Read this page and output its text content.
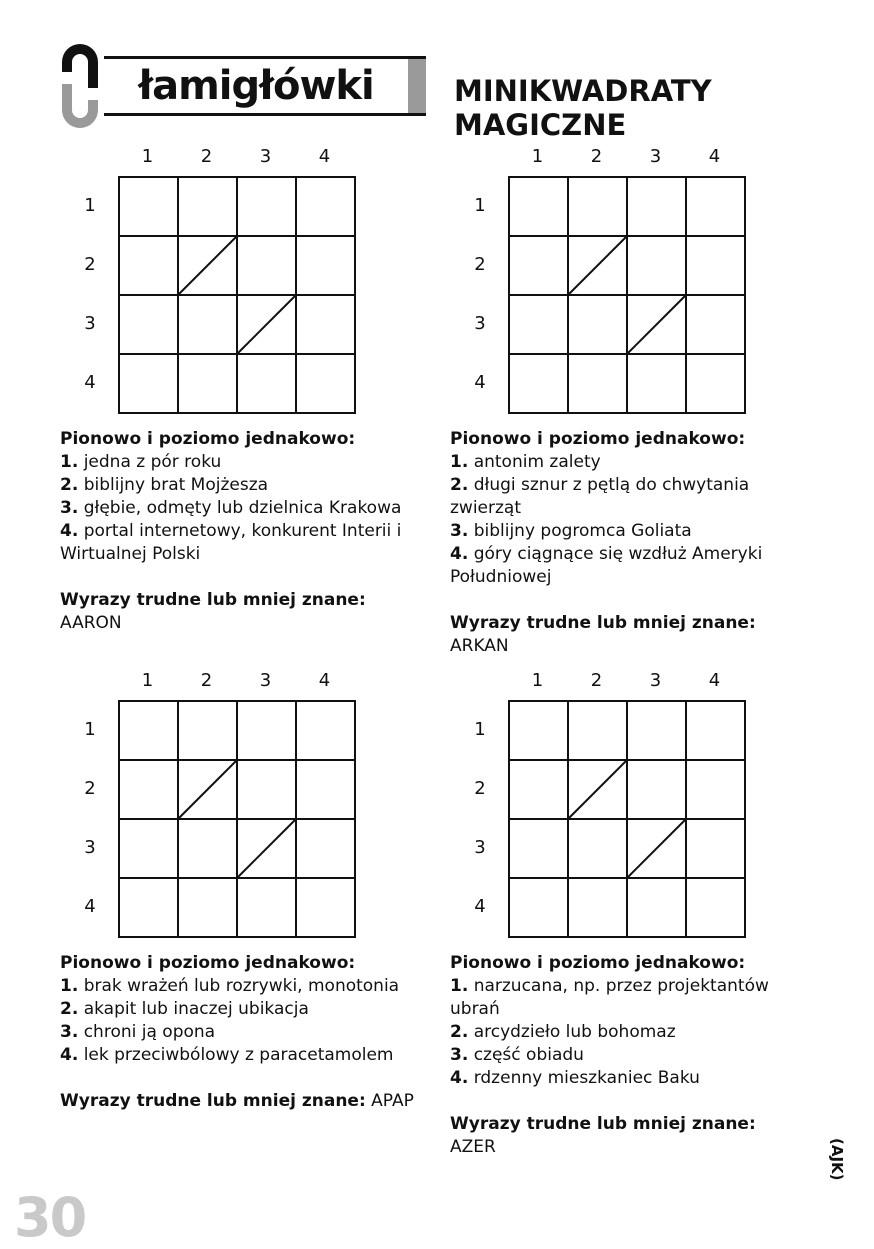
łamigłówki	MINIKWADRATY MAGICZNE
1	2	3	4
1
2
3
4
Pionowo i poziomo jednakowo:
1. jedna z pór roku
2. biblijny brat Mojżesza
3. głębie, odmęty lub dzielnica Krakowa
4. portal internetowy, konkurent Interii i Wirtualnej Polski
Wyrazy trudne lub mniej znane: AARON
1	2	3	4
1
2
3
4
Pionowo i poziomo jednakowo:
1. antonim zalety
2. długi sznur z pętlą do chwytania zwierząt
3. biblijny pogromca Goliata
4. góry ciągnące się wzdłuż Ameryki Południowej
Wyrazy trudne lub mniej znane: ARKAN
1	2	3	4
1
2
3
4
Pionowo i poziomo jednakowo:
1. brak wrażeń lub rozrywki, monotonia
2. akapit lub inaczej ubikacja
3. chroni ją opona
4. lek przeciwbólowy z paracetamolem
Wyrazy trudne lub mniej znane: APAP
1	2	3	4
1
2
3
4
Pionowo i poziomo jednakowo:
1. narzucana, np. przez projektantów ubrań
2. arcydzieło lub bohomaz
3. część obiadu
4. rdzenny mieszkaniec Baku
Wyrazy trudne lub mniej znane: AZER	(AJK)
30
